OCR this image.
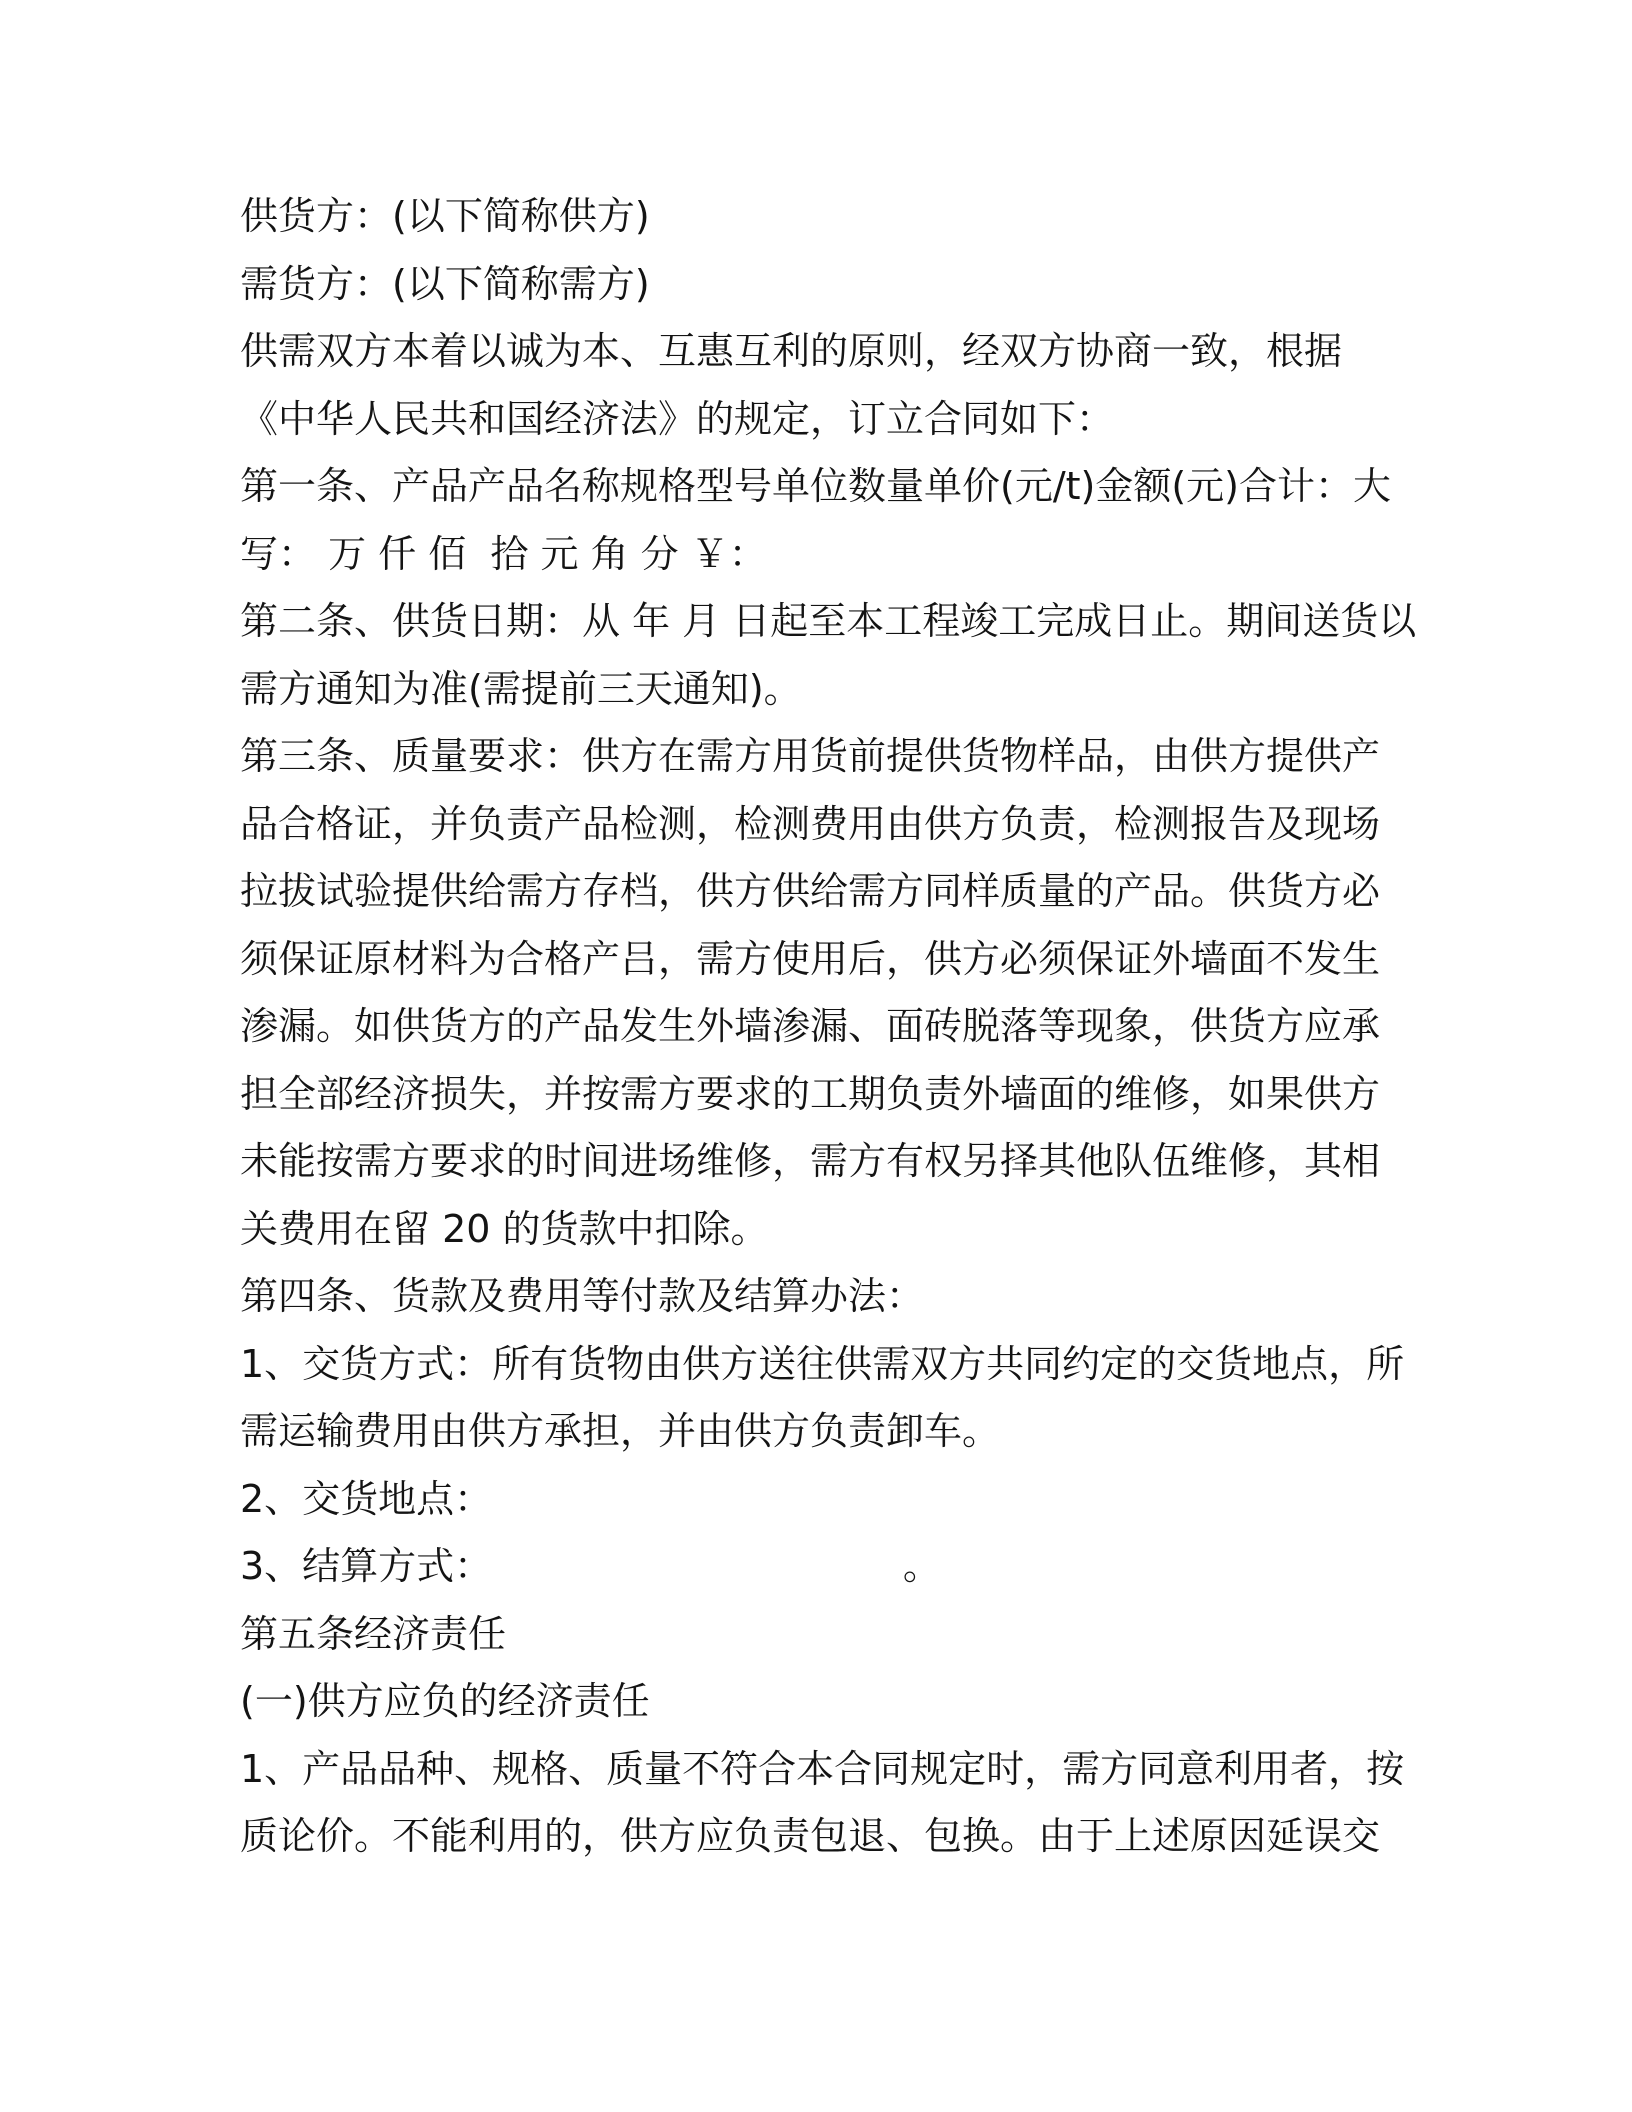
供货方：(以下简称供方)
需货方：(以下简称需方)
供需双方本着以诚为本、互惠互利的原则，经双方协商一致，根据
《中华人民共和国经济法》的规定，订立合同如下：
第一条、产品产品名称规格型号单位数量单价(元/t)金额(元)合计：大
写： 万 仟 佰  拾 元 角 分 ￥：
第二条、供货日期：从 年 月 日起至本工程竣工完成日止。期间送货以
需方通知为准(需提前三天通知)。
第三条、质量要求：供方在需方用货前提供货物样品，由供方提供产
品合格证，并负责产品检测，检测费用由供方负责，检测报告及现场
拉拔试验提供给需方存档，供方供给需方同样质量的产品。供货方必
须保证原材料为合格产吕，需方使用后，供方必须保证外墙面不发生
渗漏。如供货方的产品发生外墙渗漏、面砖脱落等现象，供货方应承
担全部经济损失，并按需方要求的工期负责外墙面的维修，如果供方
未能按需方要求的时间进场维修，需方有权另择其他队伍维修，其相
关费用在留 20 的货款中扣除。
第四条、货款及费用等付款及结算办法：
1、交货方式：所有货物由供方送往供需双方共同约定的交货地点，所
需运输费用由供方承担，并由供方负责卸车。
2、交货地点：
3、结算方式：                                  。
第五条经济责任
(一)供方应负的经济责任
1、产品品种、规格、质量不符合本合同规定时，需方同意利用者，按
质论价。不能利用的，供方应负责包退、包换。由于上述原因延误交
